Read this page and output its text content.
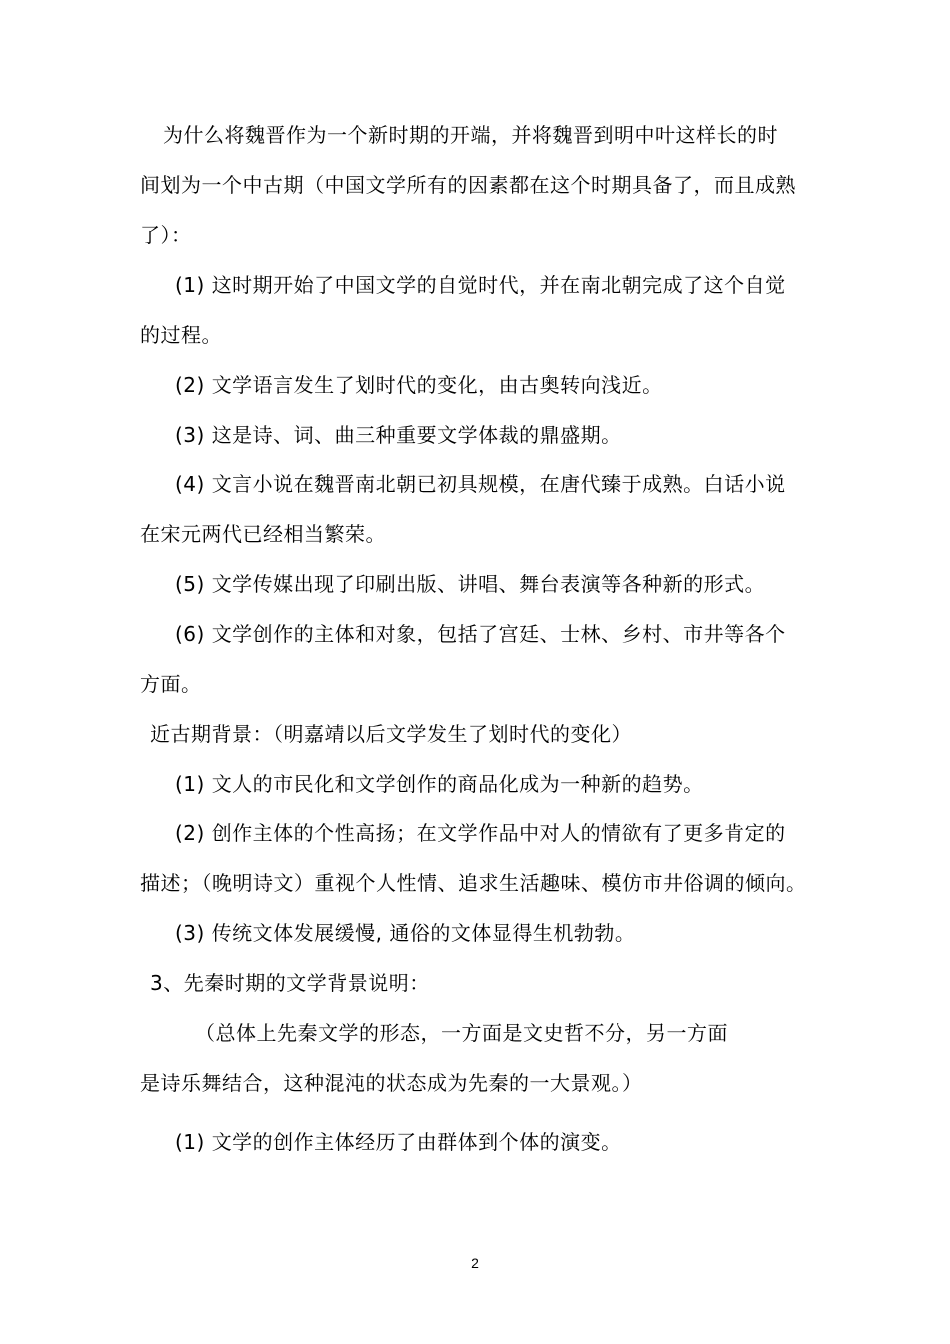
为什么将魏晋作为一个新时期的开端，并将魏晋到明中叶这样长的时
间划为一个中古期（中国文学所有的因素都在这个时期具备了，而且成熟
了）：
(1) 这时期开始了中国文学的自觉时代，并在南北朝完成了这个自觉
的过程。
(2) 文学语言发生了划时代的变化，由古奥转向浅近。
(3) 这是诗、词、曲三种重要文学体裁的鼎盛期。
(4) 文言小说在魏晋南北朝已初具规模，在唐代臻于成熟。白话小说
在宋元两代已经相当繁荣。
(5) 文学传媒出现了印刷出版、讲唱、舞台表演等各种新的形式。
(6) 文学创作的主体和对象，包括了宫廷、士林、乡村、市井等各个
方面。
近古期背景：（明嘉靖以后文学发生了划时代的变化）
(1) 文人的市民化和文学创作的商品化成为一种新的趋势。
(2) 创作主体的个性高扬；在文学作品中对人的情欲有了更多肯定的
描述；（晚明诗文）重视个人性情、追求生活趣味、模仿市井俗调的倾向。
(3) 传统文体发展缓慢, 通俗的文体显得生机勃勃。
3、先秦时期的文学背景说明：
（总体上先秦文学的形态，一方面是文史哲不分，另一方面
是诗乐舞结合，这种混沌的状态成为先秦的一大景观。）
(1) 文学的创作主体经历了由群体到个体的演变。
2
